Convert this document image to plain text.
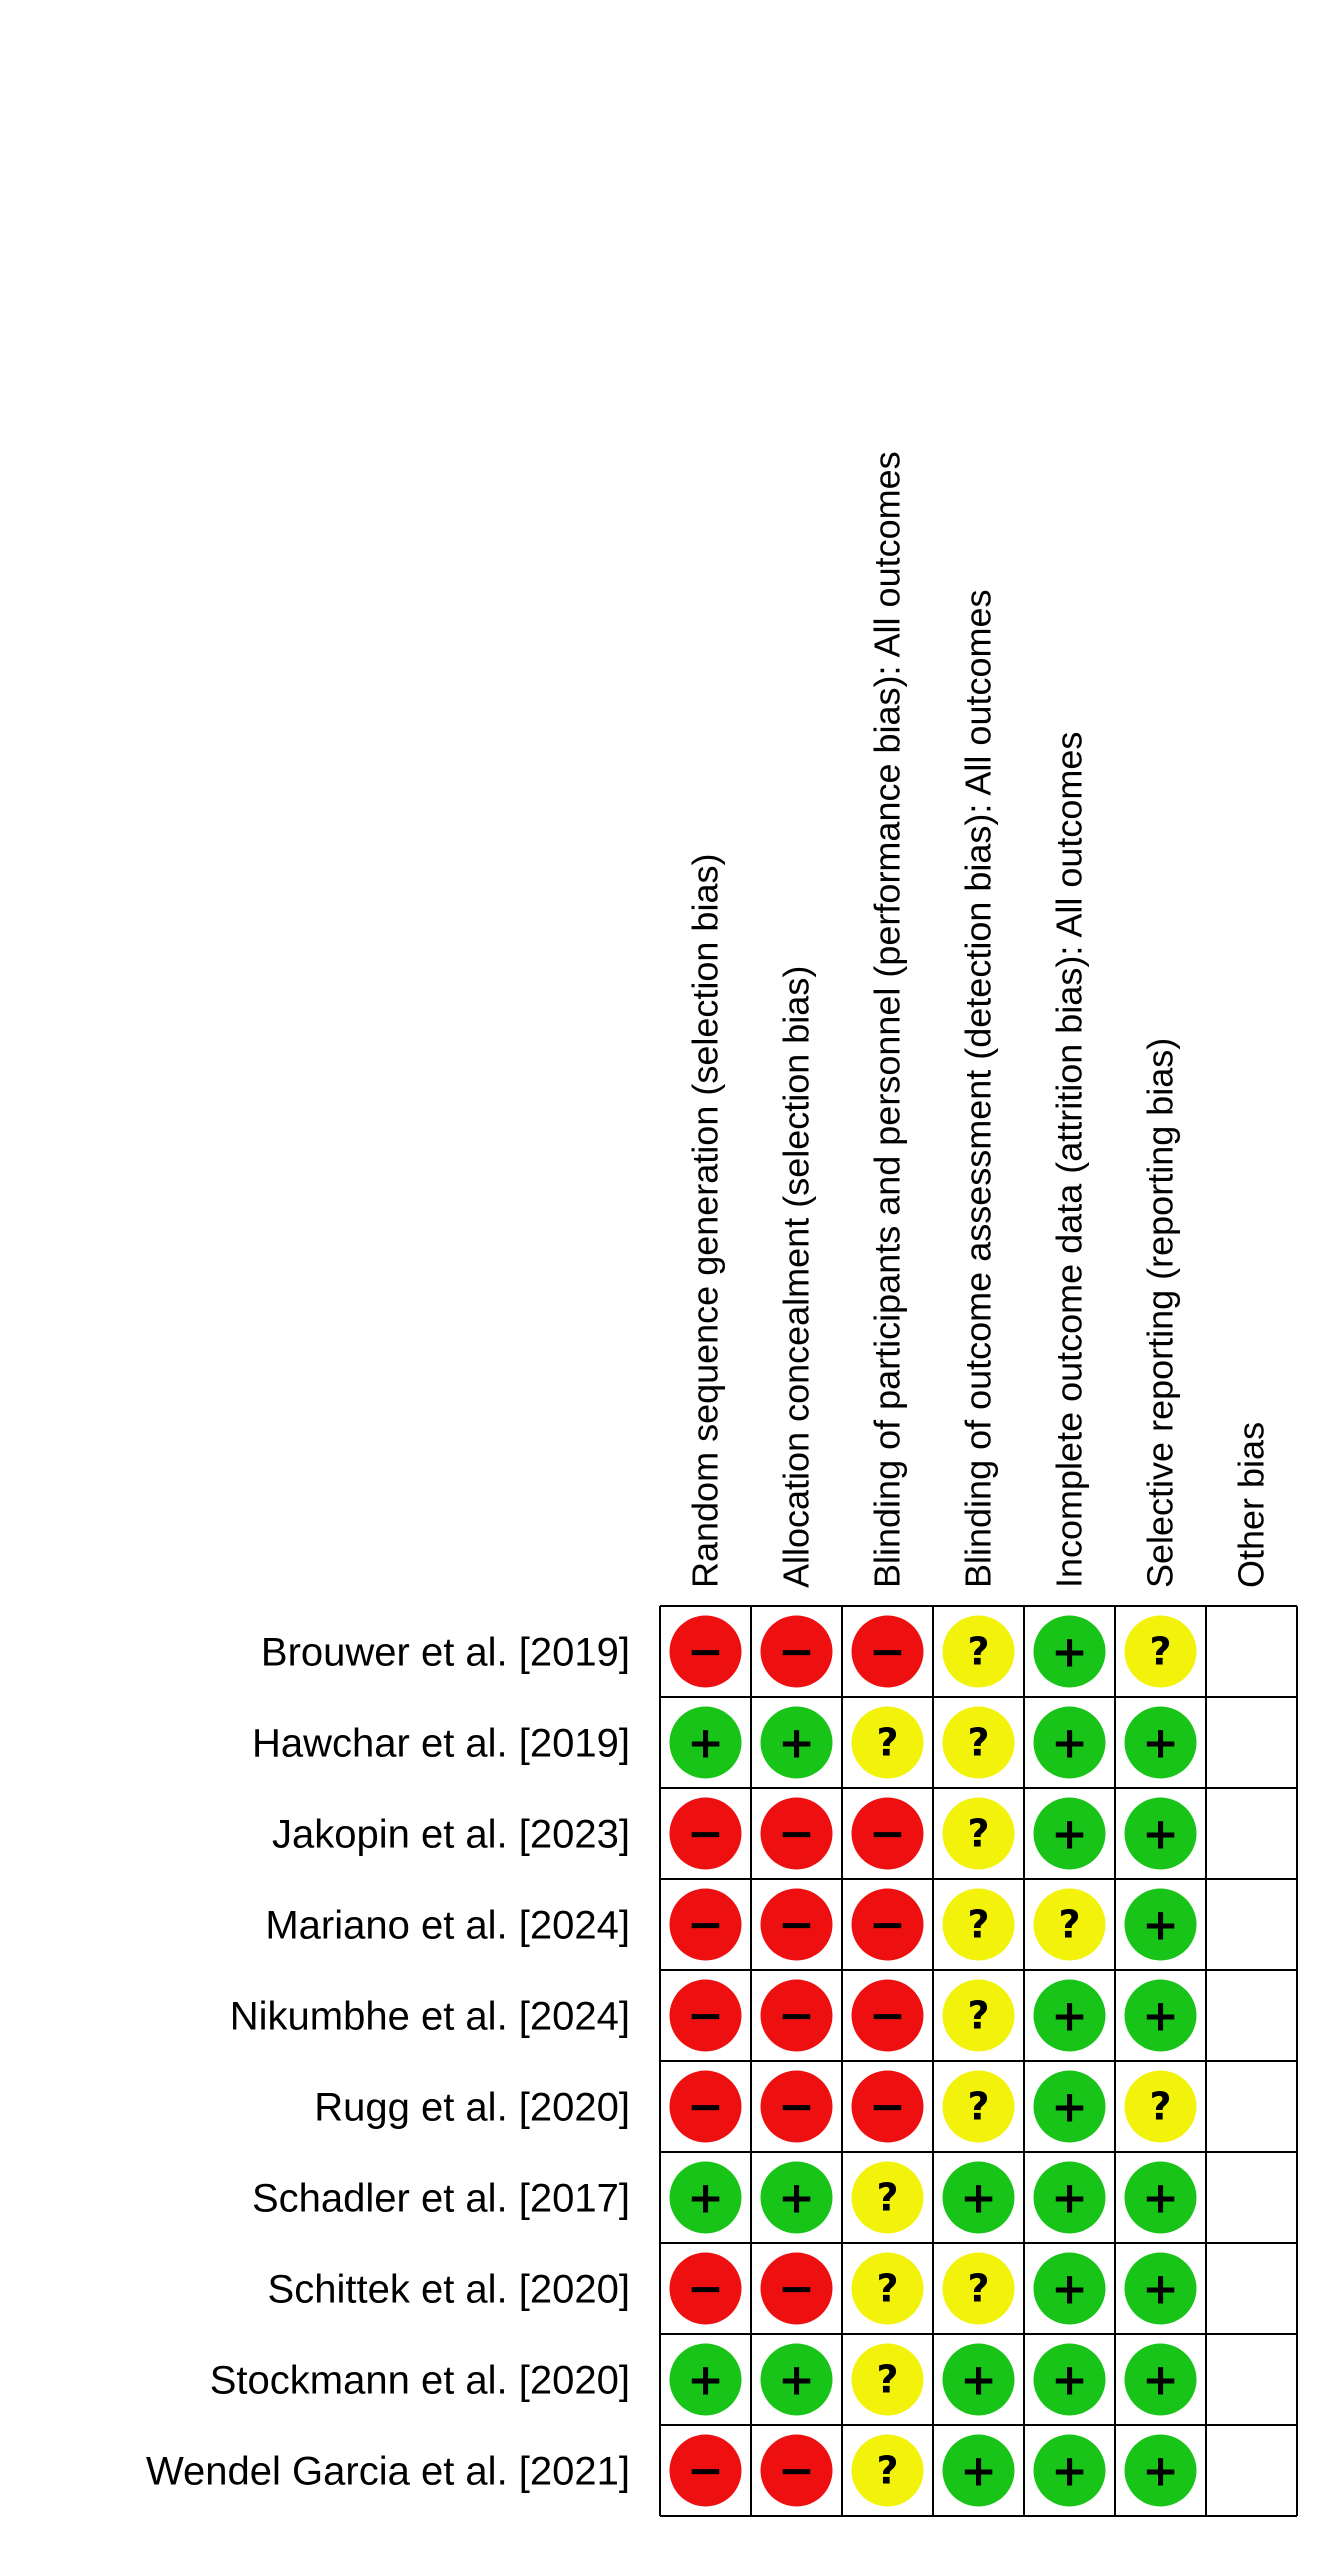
Random sequence generation (selection bias) Allocation concealment (selection bias) Blinding of participants and personnel (performance bias): All outcomes Blinding of outcome assessment (detection bias): All outcomes Incomplete outcome data (attrition bias): All outcomes Selective reporting (reporting bias) Other bias
Brouwer et al. [2019]
Hawchar et al. [2019]
Jakopin et al. [2023]
Mariano et al. [2024]
Nikumbhe et al. [2024]
Rugg et al. [2020]
Schadler et al. [2017]
Schittek et al. [2020]
Stockmann et al. [2020]
Wendel Garcia et al. [2021]
− − − ? + ?
+ + ? ? + +
− − − ? + +
− − − ? ? +
− − − ? + +
− − − ? + ?
+ + ? + + +
− − ? ? + +
+ + ? + + +
− − ? + + +
